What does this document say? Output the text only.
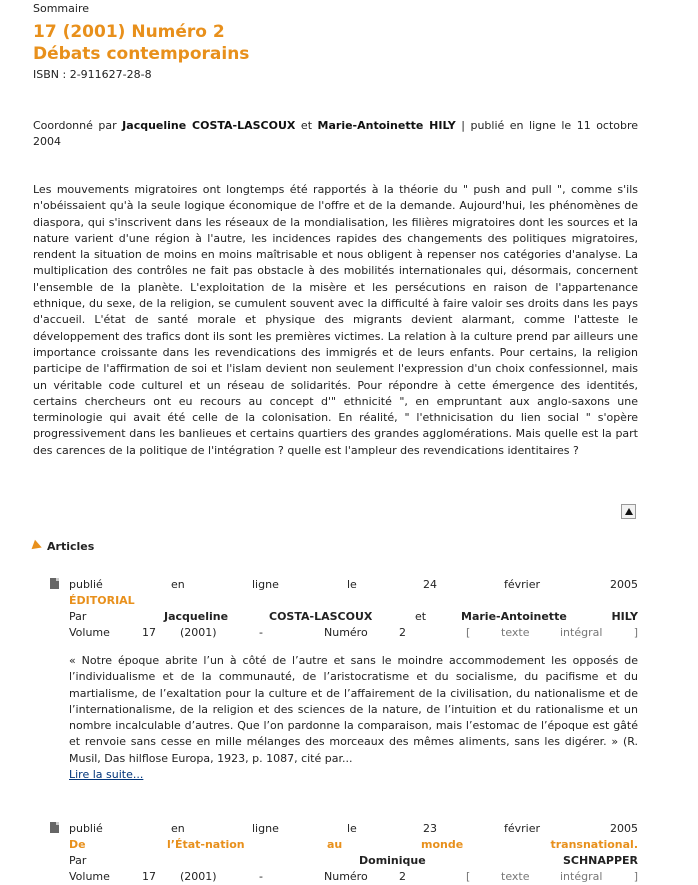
Sommaire
17 (2001) Numéro 2
Débats contemporains
ISBN : 2-911627-28-8
Coordonné par Jacqueline COSTA-LASCOUX et Marie-Antoinette HILY | publié en ligne le 11 octobre 2004
Les mouvements migratoires ont longtemps été rapportés à la théorie du " push and pull ", comme s'ils n'obéissaient qu'à la seule logique économique de l'offre et de la demande. Aujourd'hui, les phénomènes de diaspora, qui s'inscrivent dans les réseaux de la mondialisation, les filières migratoires dont les sources et la nature varient d'une région à l'autre, les incidences rapides des changements des politiques migratoires, rendent la situation de moins en moins maîtrisable et nous obligent à repenser nos catégories d'analyse. La multiplication des contrôles ne fait pas obstacle à des mobilités internationales qui, désormais, concernent l'ensemble de la planète. L'exploitation de la misère et les persécutions en raison de l'appartenance ethnique, du sexe, de la religion, se cumulent souvent avec la difficulté à faire valoir ses droits dans les pays d'accueil. L'état de santé morale et physique des migrants devient alarmant, comme l'atteste le développement des trafics dont ils sont les premières victimes. La relation à la culture prend par ailleurs une importance croissante dans les revendications des immigrés et de leurs enfants. Pour certains, la religion participe de l'affirmation de soi et l'islam devient non seulement l'expression d'un choix confessionnel, mais un véritable code culturel et un réseau de solidarités. Pour répondre à cette émergence des identités, certains chercheurs ont eu recours au concept d'" ethnicité ", en empruntant aux anglo-saxons une terminologie qui avait été celle de la colonisation. En réalité, " l'ethnicisation du lien social " s'opère progressivement dans les banlieues et certains quartiers des grandes agglomérations. Mais quelle est la part des carences de la politique de l'intégration ? quelle est l'ampleur des revendications identitaires ?
Articles
publié	en	ligne	le	24	février	2005
ÉDITORIAL
Par	Jacqueline	COSTA-LASCOUX	et	Marie-Antoinette	HILY
Volume	17 (2001)	-	Numéro	2	[	texte	intégral	]
« Notre époque abrite l’un à côté de l’autre et sans le moindre accommodement les opposés de l’individualisme et de la communauté, de l’aristocratisme et du socialisme, du pacifisme et du martialisme, de l’exaltation pour la culture et de l’affairement de la civilisation, du nationalisme et de l’internationalisme, de la religion et des sciences de la nature, de l’intuition et du rationalisme et un nombre incalculable d’autres. Que l’on pardonne la comparaison, mais l’estomac de l’époque est gâté et renvoie sans cesse en mille mélanges des morceaux des mêmes aliments, sans les digérer. » (R. Musil, Das hilflose Europa, 1923, p. 1087, cité par...
Lire la suite...
publié	en	ligne	le	23	février	2005
De	l’État-nation	au	monde	transnational.
Par	Dominique	SCHNAPPER
Volume	17 (2001)	-	Numéro	2	[	texte	intégral	]
